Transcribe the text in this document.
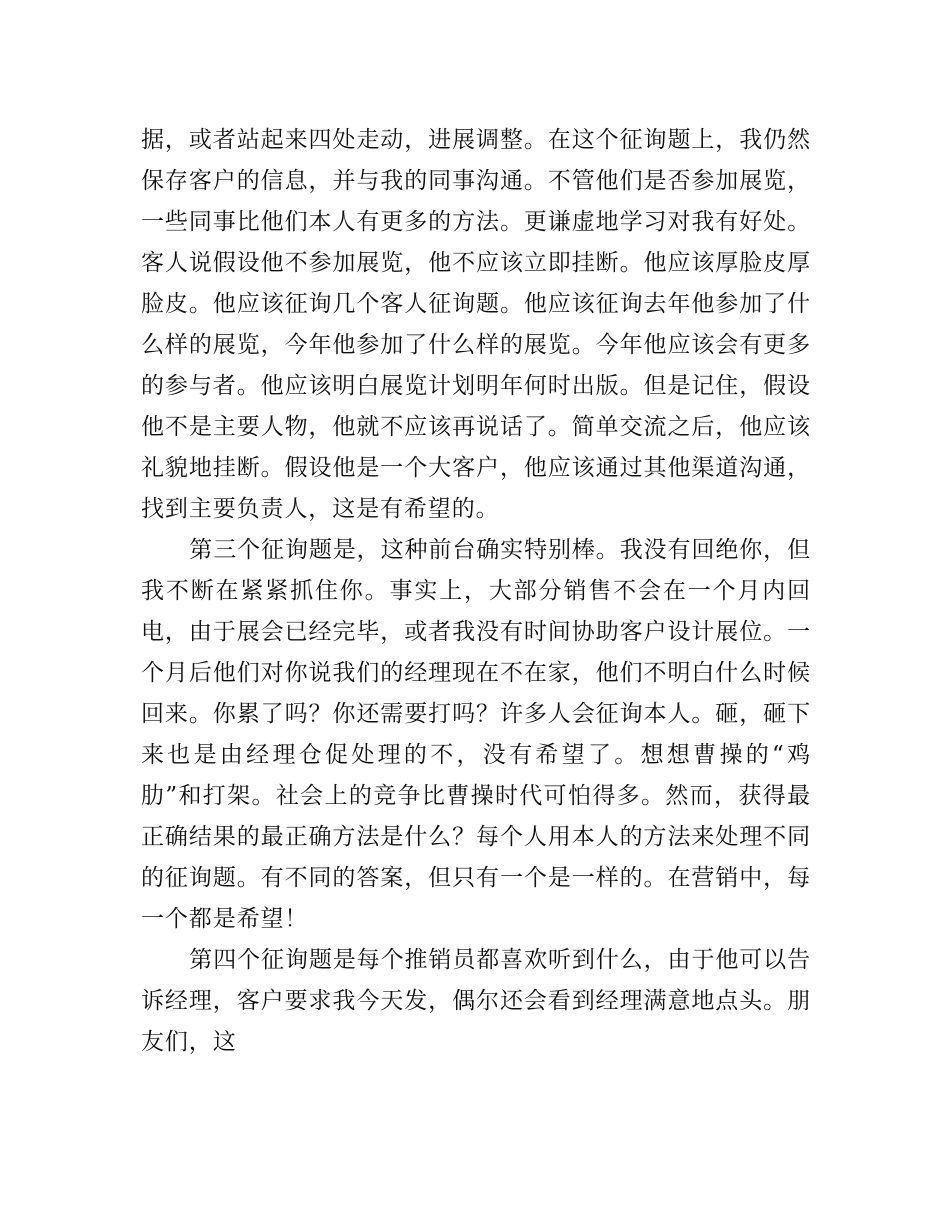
据，或者站起来四处走动，进展调整。在这个征询题上，我仍然保存客户的信息，并与我的同事沟通。不管他们是否参加展览，一些同事比他们本人有更多的方法。更谦虚地学习对我有好处。客人说假设他不参加展览，他不应该立即挂断。他应该厚脸皮厚脸皮。他应该征询几个客人征询题。他应该征询去年他参加了什么样的展览，今年他参加了什么样的展览。今年他应该会有更多的参与者。他应该明白展览计划明年何时出版。但是记住，假设他不是主要人物，他就不应该再说话了。简单交流之后，他应该礼貌地挂断。假设他是一个大客户，他应该通过其他渠道沟通，找到主要负责人，这是有希望的。

第三个征询题是，这种前台确实特别棒。我没有回绝你，但我不断在紧紧抓住你。事实上，大部分销售不会在一个月内回电，由于展会已经完毕，或者我没有时间协助客户设计展位。一个月后他们对你说我们的经理现在不在家，他们不明白什么时候回来。你累了吗？你还需要打吗？许多人会征询本人。砸，砸下来也是由经理仓促处理的不，没有希望了。想想曹操的“鸡肋”和打架。社会上的竞争比曹操时代可怕得多。然而，获得最正确结果的最正确方法是什么？每个人用本人的方法来处理不同的征询题。有不同的答案，但只有一个是一样的。在营销中，每一个都是希望！

第四个征询题是每个推销员都喜欢听到什么，由于他可以告诉经理，客户要求我今天发，偶尔还会看到经理满意地点头。朋友们，这
